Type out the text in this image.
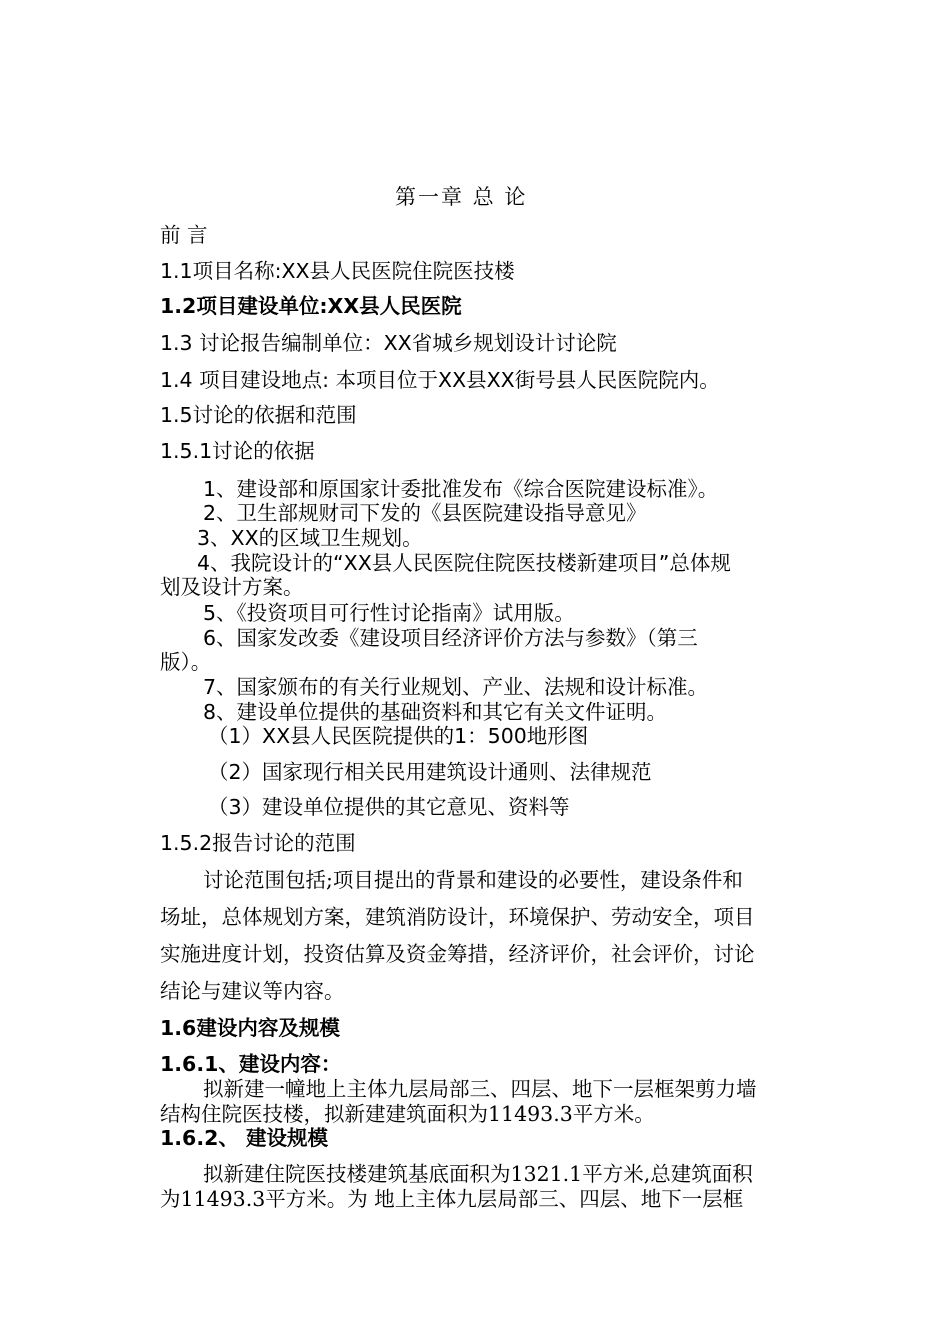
第一章 总 论
前 言
1.1项目名称:XX县人民医院住院医技楼
1.2项目建设单位:XX县人民医院
1.3 讨论报告编制单位：XX省城乡规划设计讨论院
1.4 项目建设地点: 本项目位于XX县XX街号县人民医院院内。
1.5讨论的依据和范围
1.5.1讨论的依据
1、建设部和原国家计委批准发布《综合医院建设标准》。
2、卫生部规财司下发的《县医院建设指导意见》
3、XX的区域卫生规划。
4、我院设计的“XX县人民医院住院医技楼新建项目”总体规
划及设计方案。
5、《投资项目可行性讨论指南》试用版。
6、国家发改委《建设项目经济评价方法与参数》（第三
版）。
7、国家颁布的有关行业规划、产业、法规和设计标准。
8、建设单位提供的基础资料和其它有关文件证明。
（1）XX县人民医院提供的1：500地形图
（2）国家现行相关民用建筑设计通则、法律规范
（3）建设单位提供的其它意见、资料等
1.5.2报告讨论的范围
讨论范围包括;项目提出的背景和建设的必要性，建设条件和
场址，总体规划方案，建筑消防设计，环境保护、劳动安全，项目
实施进度计划，投资估算及资金筹措，经济评价，社会评价，讨论
结论与建议等内容。
1.6建设内容及规模
1.6.1、建设内容：
拟新建一幢地上主体九层局部三、四层、地下一层框架剪力墙
结构住院医技楼，拟新建建筑面积为11493.3平方米。
1.6.2、 建设规模
拟新建住院医技楼建筑基底面积为1321.1平方米,总建筑面积
为11493.3平方米。为 地上主体九层局部三、四层、地下一层框
